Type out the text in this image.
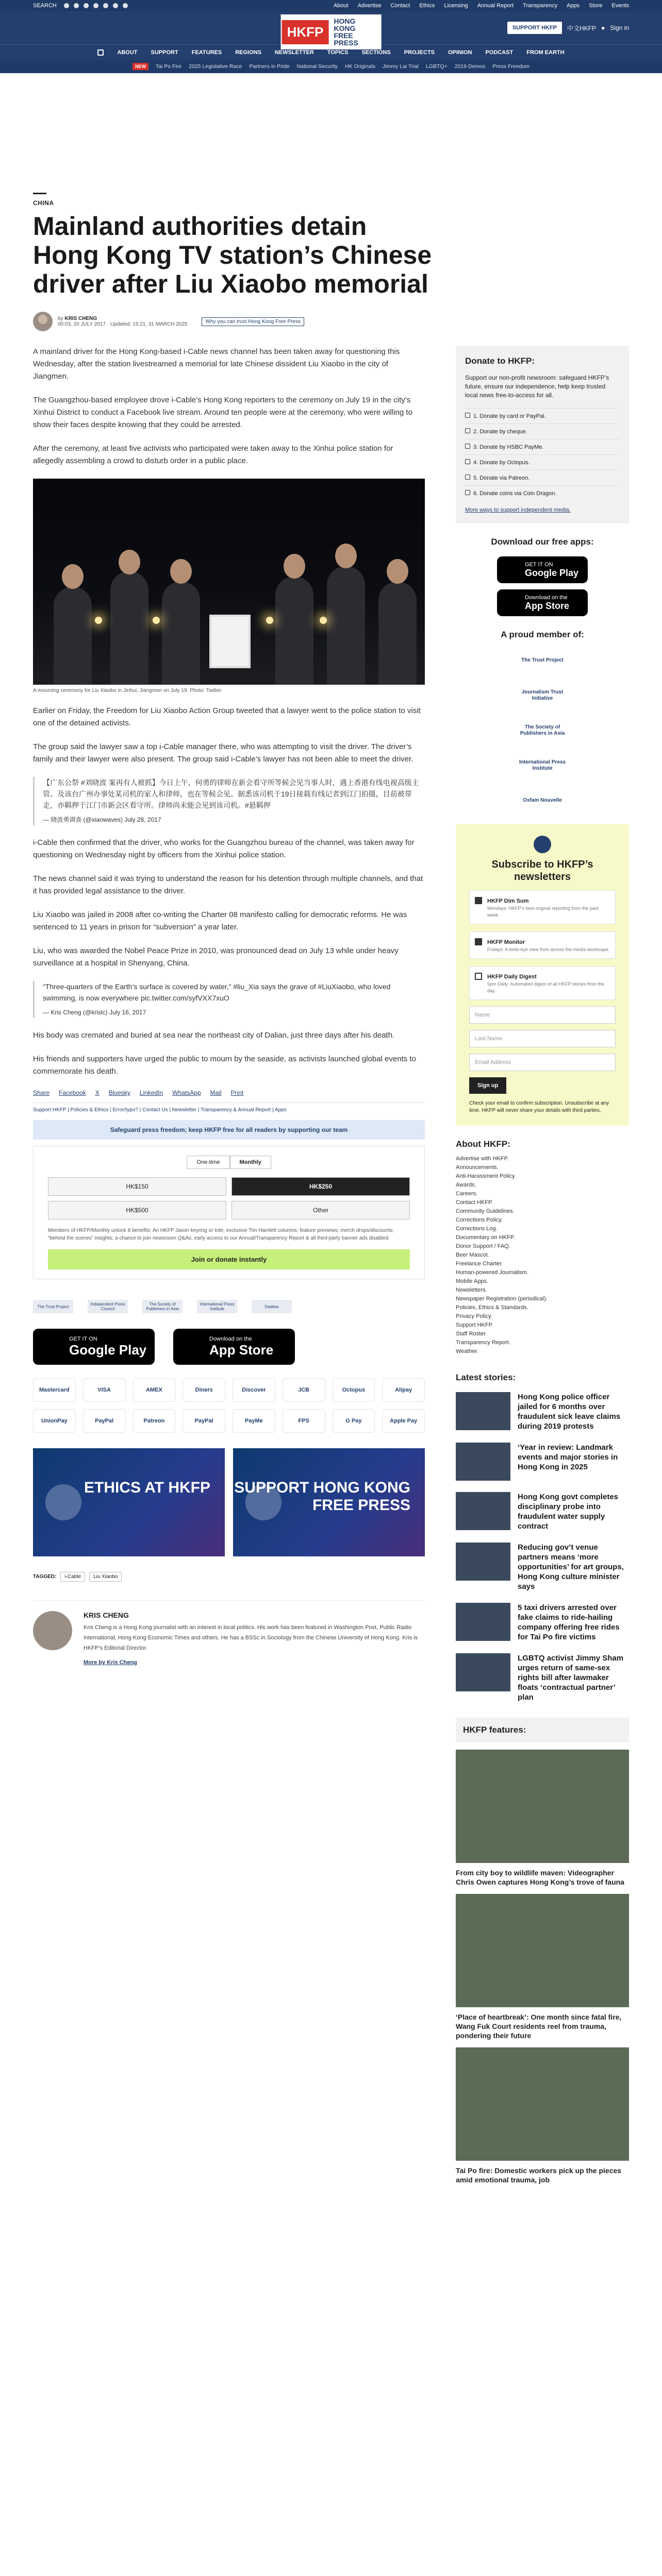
SEARCH	About Advertise Contact Ethics Licensing Annual Report Transparency Apps Store Events
HKFP
HONG KONG FREE PRESS
SUPPORT HKFP	中文HKFP ● Sign in
ABOUT SUPPORT FEATURES REGIONS NEWSLETTER TOPICS SECTIONS PROJECTS OPINION PODCAST FROM EARTH
NEW	Tai Po Fire 2025 Legislative Race Partners in Pride National Security HK Originals Jimmy Lai Trial LGBTQ+ 2019 Demos Press Freedom
CHINA
Mainland authorities detain Hong Kong TV station’s Chinese driver after Liu Xiaobo memorial
by KRIS CHENG
00:03, 20 JULY 2017 · Updated: 15:21, 31 MARCH 2025	Why you can trust Hong Kong Free Press

A mainland driver for the Hong Kong-based i-Cable news channel has been taken away for questioning this Wednesday, after the station livestreamed a memorial for late Chinese dissident Liu Xiaobo in the city of Jiangmen.

The Guangzhou-based employee drove i-Cable’s Hong Kong reporters to the ceremony on July 19 in the city’s Xinhui District to conduct a Facebook live stream. Around ten people were at the ceremony, who were willing to show their faces despite knowing that they could be arrested.

After the ceremony, at least five activists who participated were taken away to the Xinhui police station for allegedly assembling a crowd to disturb order in a public place.

A mourning ceremony for Liu Xiaobo in Jinhui, Jiangmen on July 19. Photo: Twitter.

Earlier on Friday, the Freedom for Liu Xiaobo Action Group tweeted that a lawyer went to the police station to visit one of the detained activists.

The group said the lawyer saw a top i-Cable manager there, who was attempting to visit the driver. The driver’s family and their lawyer were also present. The group said i-Cable’s lawyer has not been able to meet the driver.

【广东公祭 #刘晓波 案再有人被抓】今日上午，何勇的律师在新会看守所等候会见当事人时，遇上香港有线电视高级主管。及该台广州办事处某司机的家人和律师，也在等候会见。据悉该司机于19日接载有线记者到江门拍摄，目前被带走，亦羁押于江门市新会区看守所。律师尚未能会见到该司机。#悬羁押
— 晓波勇调查 (@xiaowaves) July 28, 2017

i-Cable then confirmed that the driver, who works for the Guangzhou bureau of the channel, was taken away for questioning on Wednesday night by officers from the Xinhui police station.

The news channel said it was trying to understand the reason for his detention through multiple channels, and that it has provided legal assistance to the driver.

Liu Xiaobo was jailed in 2008 after co-writing the Charter 08 manifesto calling for democratic reforms. He was sentenced to 11 years in prison for “subversion” a year later.

Liu, who was awarded the Nobel Peace Prize in 2010, was pronounced dead on July 13 while under heavy surveillance at a hospital in Shenyang, China.

“Three-quarters of the Earth’s surface is covered by water,” #liu_Xia says the grave of #LiuXiaobo, who loved swimming, is now everywhere pic.twitter.com/syfVXX7xuO
— Kris Cheng (@krislc) July 16, 2017

His body was cremated and buried at sea near the northeast city of Dalian, just three days after his death.

His friends and supporters have urged the public to mourn by the seaside, as activists launched global events to commemorate his death.

Share Facebook X Bluesky LinkedIn WhatsApp Mail Print
Support HKFP | Policies & Ethics | Error/typo? | Contact Us | Newsletter | Transparency & Annual Report | Apps
Safeguard press freedom; keep HKFP free for all readers by supporting our team
One-time	Monthly
HK$150	HK$250
HK$500	Other
Members of HKFP/Monthly unlock 8 benefits: An HKFP Jason keyring or tote; exclusive Tim Hamlett columns; feature previews; merch drops/discounts; “behind the scenes” insights; a chance to join newsroom Q&As; early access to our Annual/Transparency Report & all third-party banner ads disabled.
Join or donate instantly
The Trust Project	Independent Press Council
The Society of Publishers in Asia
International Press Institute	Dadiwa
GET IT ON
Google Play
Download on the
App Store
Mastercard	VISA	AMEX	Diners	Discover	JCB	Octopus	Alipay
UnionPay	PayPal	Patreon	PayPal	PayMe	FPS	G Pay	Apple Pay
ETHICS AT HKFP SUPPORT HONG KONG FREE PRESS
TAGGED:	i-Cable	Liu Xiaobo
KRIS CHENG

Kris Cheng is a Hong Kong journalist with an interest in local politics. His work has been featured in Washington Post, Public Radio International, Hong Kong Economic Times and others. He has a BSSc in Sociology from the Chinese University of Hong Kong. Kris is HKFP’s Editorial Director.

More by Kris Cheng
Donate to HKFP:
Support our non-profit newsroom: safeguard HKFP’s future, ensure our independence, help keep trusted local news free-to-access for all.
1. Donate by card or PayPal.
2. Donate by cheque.
3. Donate by HSBC PayMe.
4. Donate by Octopus.
5. Donate via Patreon.
6. Donate coins via Coin Dragon.
More ways to support independent media.
Download our free apps:
GET IT ON
Google Play
Download on the
App Store
A proud member of:
The Trust Project
Journalism Trust Initiative
The Society of Publishers in Asia
International Press Institute
Oxfam Nouvelle
Subscribe to HKFP’s newsletters
HKFP Dim Sum

Mondays: HKFP’s best original reporting from the past week.

HKFP Monitor

Fridays: A birds-eye view from across the media landscape.

HKFP Daily Digest

5pm Daily: Automated digest of all HKFP stories from the day.

Name
Last Name
Email Address
Sign up
Check your email to confirm subscription. Unsubscribe at any time. HKFP will never share your details with third parties.
About HKFP:
Advertise with HKFP.
Announcements.
Anti-Harassment Policy.
Awards.
Careers.
Contact HKFP.
Community Guidelines.
Corrections Policy.
Corrections Log.
Documentary on HKFP.
Donor Support / FAQ.
Beer Mascot.
Freelance Charter.
Human-powered Journalism.
Mobile Apps.
Newsletters.
Newspaper Registration (periodical).
Policies, Ethics & Standards.
Privacy Policy.
Support HKFP.
Staff Roster.
Transparency Report.
Weather.
Latest stories:
Hong Kong police officer jailed for 6 months over fraudulent sick leave claims during 2019 protests
‘Year in review: Landmark events and major stories in Hong Kong in 2025
Hong Kong govt completes disciplinary probe into fraudulent water supply contract
Reducing gov’t venue partners means ‘more opportunities’ for art groups, Hong Kong culture minister says
5 taxi drivers arrested over fake claims to ride-hailing company offering free rides for Tai Po fire victims
LGBTQ activist Jimmy Sham urges return of same-sex rights bill after lawmaker floats ‘contractual partner’ plan
HKFP features:
From city boy to wildlife maven: Videographer Chris Owen captures Hong Kong’s trove of fauna
‘Place of heartbreak’: One month since fatal fire, Wang Fuk Court residents reel from trauma, pondering their future
Tai Po fire: Domestic workers pick up the pieces amid emotional trauma, job
